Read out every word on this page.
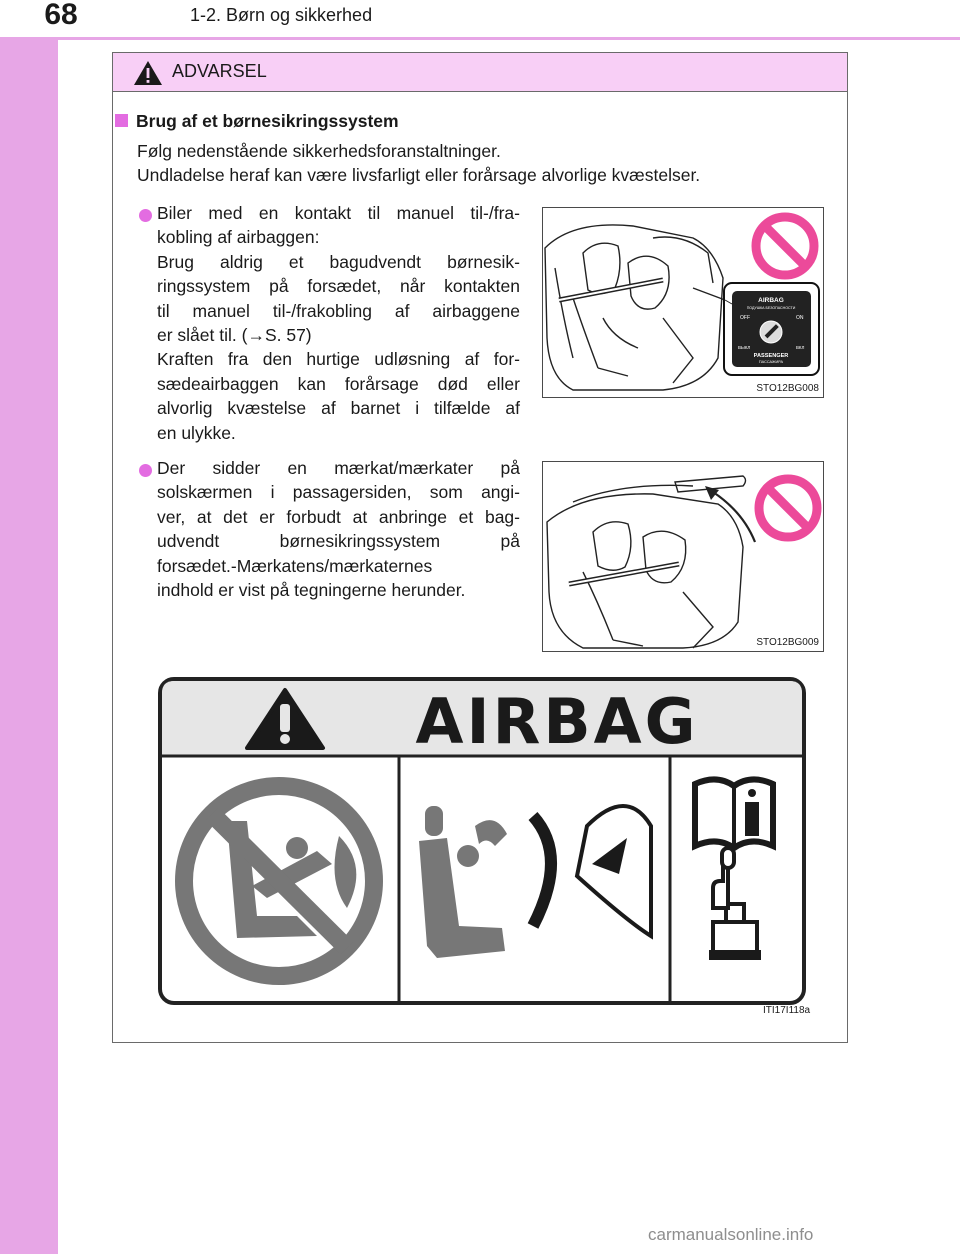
68	1-2. Børn og sikkerhed
ADVARSEL
Brug af et børnesikringssystem
Følg nedenstående sikkerhedsforanstaltninger.
Undladelse heraf kan være livsfarligt eller forårsage alvorlige kvæstelser.
Biler med en kontakt til manuel til-/fra-
kobling af airbaggen:
Brug aldrig et bagudvendt børnesik-
ringssystem på forsædet, når kontakten
til manuel til-/frakobling af airbaggene
er slået til. (→S. 57)
Kraften fra den hurtige udløsning af for-
sædeairbaggen kan forårsage død eller
alvorlig kvæstelse af barnet i tilfælde af
en ulykke.
AIRBAG
ПОДУШКА БЕЗОПАСНОСТИ
OFF	ON
ВЫКЛ	ВКЛ
PASSENGER
ПАССАЖИРА
STO12BG008
Der sidder en mærkat/mærkater på
solskærmen i passagersiden, som angi-
ver, at det er forbudt at anbringe et bag-
udvendt børnesikringssystem på
forsædet.-Mærkatens/mærkaternes
indhold er vist på tegningerne herunder.
STO12BG009
AIRBAG
ITI17I118a
carmanualsonline.info
